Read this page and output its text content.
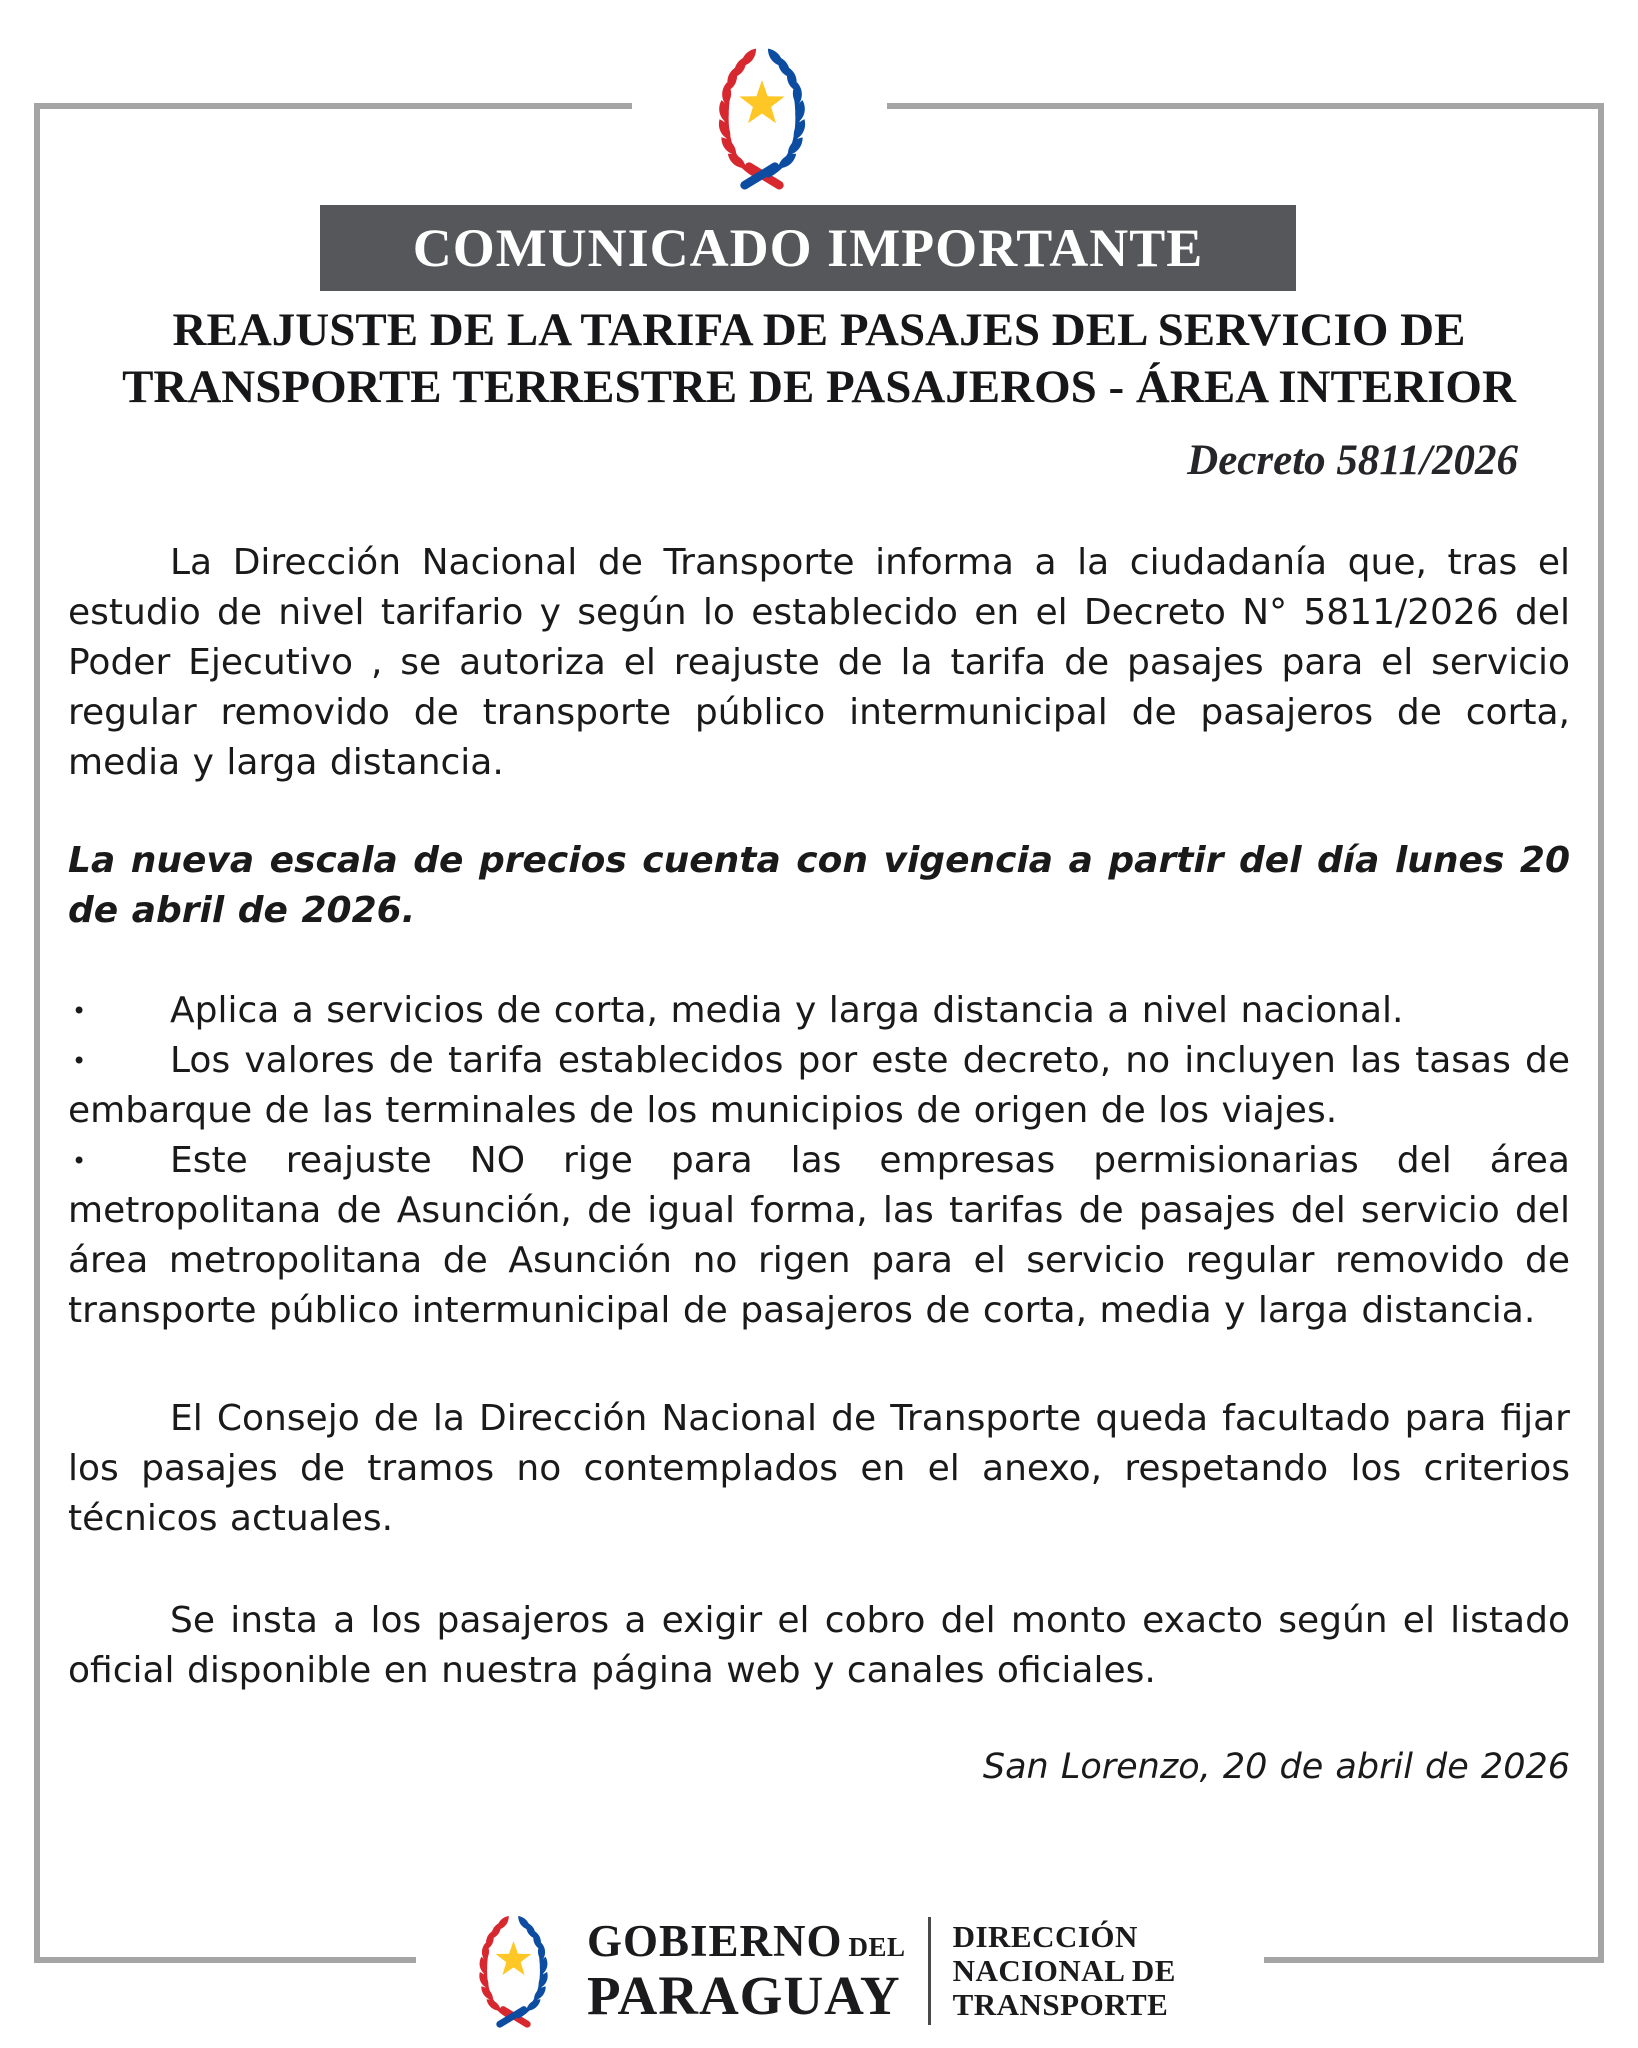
COMUNICADO IMPORTANTE
REAJUSTE DE LA TARIFA DE PASAJES DEL SERVICIO DE
TRANSPORTE TERRESTRE DE PASAJEROS - ÁREA INTERIOR
Decreto 5811/2026

La Dirección Nacional de Transporte informa a la ciudadanía que, tras el estudio de nivel tarifario y según lo establecido en el Decreto N° 5811/2026 del Poder Ejecutivo , se autoriza el reajuste de la tarifa de pasajes para el servicio regular removido de transporte público intermunicipal de pasajeros de corta, media y larga distancia.

La nueva escala de precios cuenta con vigencia a partir del día lunes 20 de abril de 2026.

• Aplica a servicios de corta, media y larga distancia a nivel nacional.

• Los valores de tarifa establecidos por este decreto, no incluyen las tasas de embarque de las terminales de los municipios de origen de los viajes.

• Este reajuste NO rige para las empresas permisionarias del área metropolitana de Asunción, de igual forma, las tarifas de pasajes del servicio del área metropolitana de Asunción no rigen para el servicio regular removido de transporte público intermunicipal de pasajeros de corta, media y larga distancia.

El Consejo de la Dirección Nacional de Transporte queda facultado para fijar los pasajes de tramos no contemplados en el anexo, respetando los criterios técnicos actuales.

Se insta a los pasajeros a exigir el cobro del monto exacto según el listado oficial disponible en nuestra página web y canales oficiales.

San Lorenzo, 20 de abril de 2026

GOBIERNO DEL
PARAGUAY
DIRECCIÓN
NACIONAL DE
TRANSPORTE
